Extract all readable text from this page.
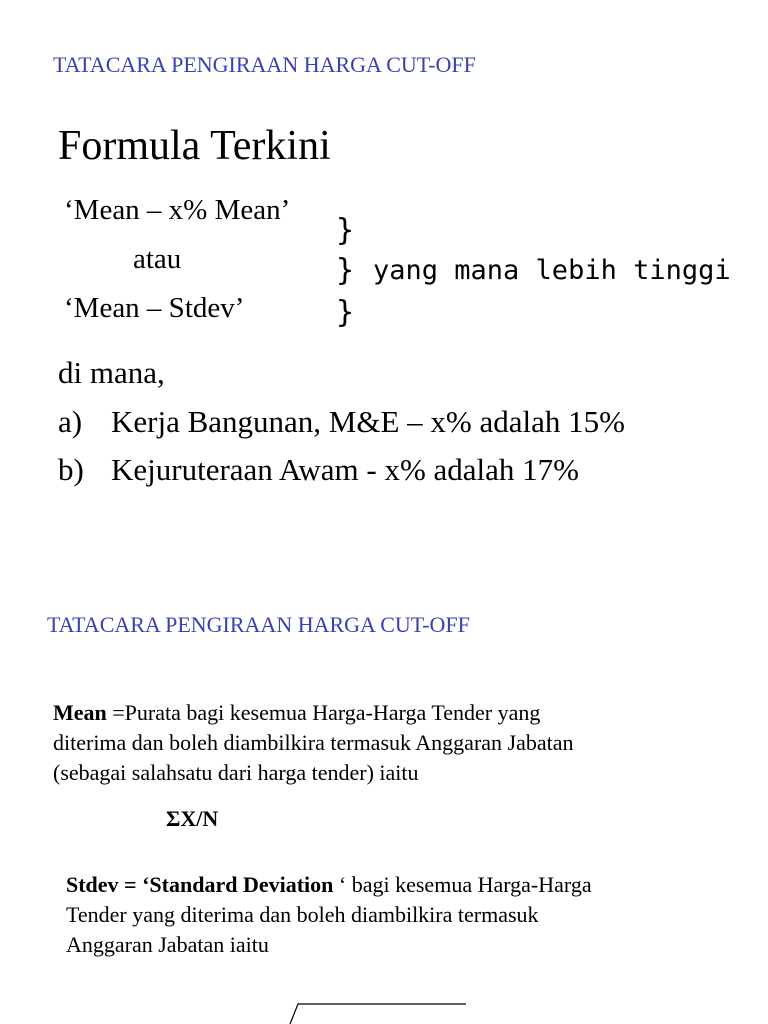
TATACARA PENGIRAAN HARGA CUT-OFF
Formula Terkini
‘Mean – x% Mean’
atau
‘Mean – Stdev’
}
}
}
yang mana lebih tinggi
di mana,
a) Kerja Bangunan, M&E – x% adalah 15%
b) Kejuruteraan Awam - x% adalah 17%
TATACARA PENGIRAAN HARGA CUT-OFF
Mean =Purata bagi kesemua Harga-Harga Tender yang
diterima dan boleh diambilkira termasuk Anggaran Jabatan
(sebagai salahsatu dari harga tender) iaitu
ΣX/N
Stdev = ‘Standard Deviation ‘ bagi kesemua Harga-Harga
Tender yang diterima dan boleh diambilkira termasuk
Anggaran Jabatan iaitu
